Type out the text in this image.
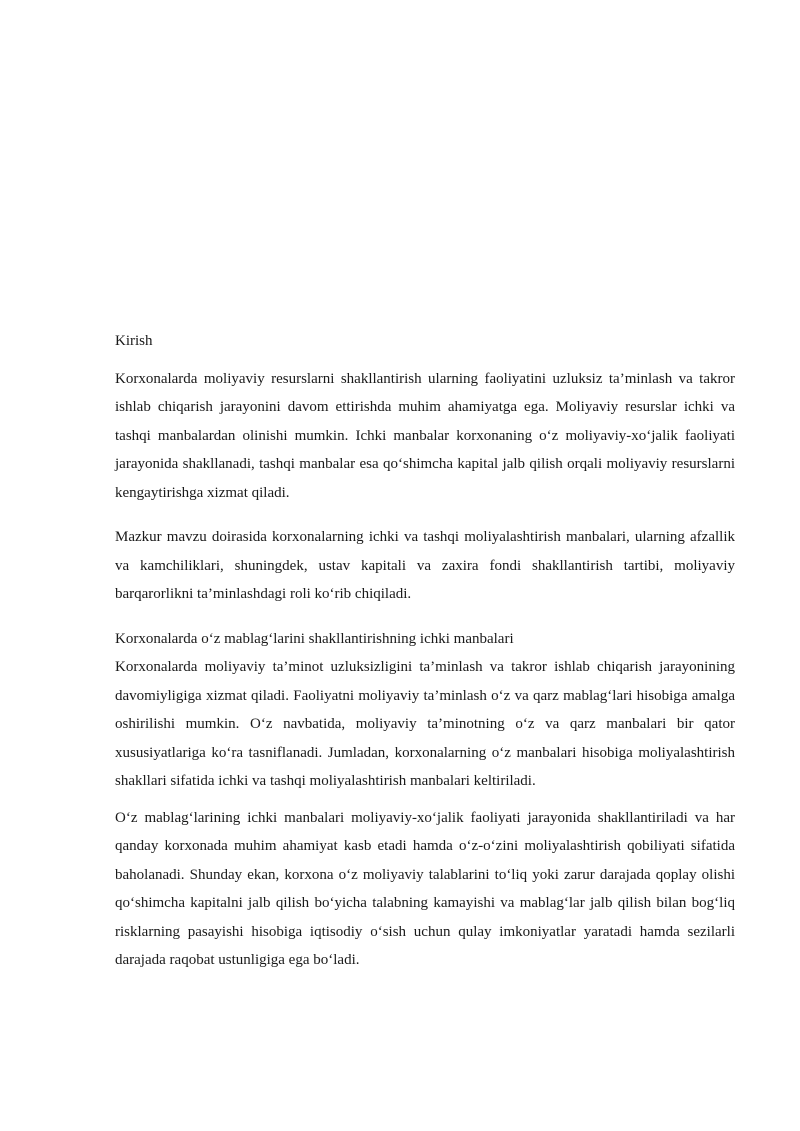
Kirish

Korxonalarda moliyaviy resurslarni shakllantirish ularning faoliyatini uzluksiz ta’minlash va takror ishlab chiqarish jarayonini davom ettirishda muhim ahamiyatga ega. Moliyaviy resurslar ichki va tashqi manbalardan olinishi mumkin. Ichki manbalar korxonaning o‘z moliyaviy-xo‘jalik faoliyati jarayonida shakllanadi, tashqi manbalar esa qo‘shimcha kapital jalb qilish orqali moliyaviy resurslarni kengaytirishga xizmat qiladi.

Mazkur mavzu doirasida korxonalarning ichki va tashqi moliyalashtirish manbalari, ularning afzallik va kamchiliklari, shuningdek, ustav kapitali va zaxira fondi shakllantirish tartibi, moliyaviy barqarorlikni ta’minlashdagi roli ko‘rib chiqiladi.

Korxonalarda o‘z mablag‘larini shakllantirishning ichki manbalari

Korxonalarda moliyaviy ta’minot uzluksizligini ta’minlash va takror ishlab chiqarish jarayonining davomiyligiga xizmat qiladi. Faoliyatni moliyaviy ta’minlash o‘z va qarz mablag‘lari hisobiga amalga oshirilishi mumkin. O‘z navbatida, moliyaviy ta’minotning o‘z va qarz manbalari bir qator xususiyatlariga ko‘ra tasniflanadi. Jumladan, korxonalarning o‘z manbalari hisobiga moliyalashtirish shakllari sifatida ichki va tashqi moliyalashtirish manbalari keltiriladi.

O‘z mablag‘larining ichki manbalari moliyaviy-xo‘jalik faoliyati jarayonida shakllantiriladi va har qanday korxonada muhim ahamiyat kasb etadi hamda o‘z-o‘zini moliyalashtirish qobiliyati sifatida baholanadi. Shunday ekan, korxona o‘z moliyaviy talablarini to‘liq yoki zarur darajada qoplay olishi qo‘shimcha kapitalni jalb qilish bo‘yicha talabning kamayishi va mablag‘lar jalb qilish bilan bog‘liq risklarning pasayishi hisobiga iqtisodiy o‘sish uchun qulay imkoniyatlar yaratadi hamda sezilarli darajada raqobat ustunligiga ega bo‘ladi.
